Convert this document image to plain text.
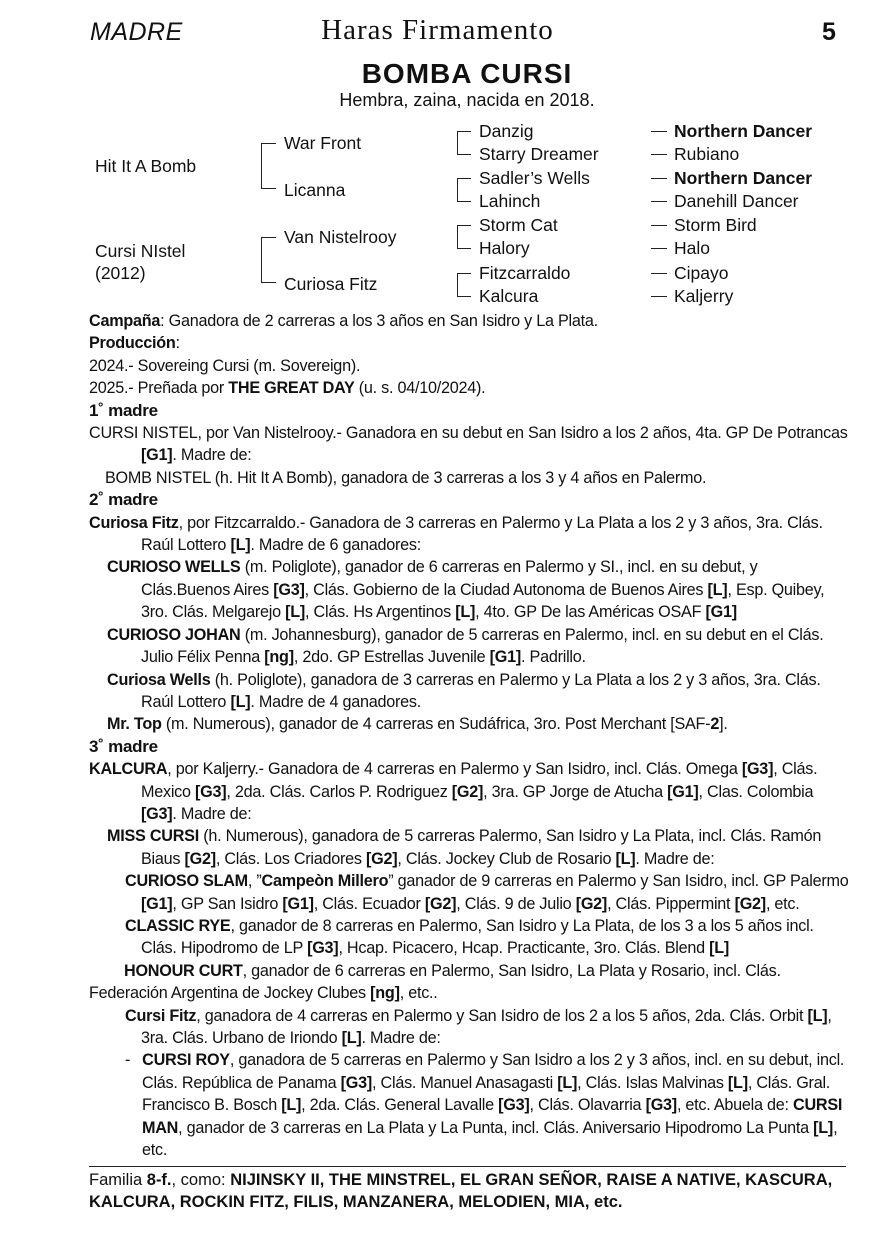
MADRE	Haras Firmamento	5
BOMBA CURSI
Hembra, zaina, nacida en 2018.
Hit It A Bomb
Cursi NIstel
(2012)
War Front
Licanna
Van Nistelrooy
Curiosa Fitz
Danzig
Starry Dreamer
Sadler’s Wells
Lahinch
Storm Cat
Halory
Fitzcarraldo
Kalcura
Northern Dancer
Rubiano
Northern Dancer
Danehill Dancer
Storm Bird
Halo
Cipayo
Kaljerry

Campaña: Ganadora de 2 carreras a los 3 años en San Isidro y La Plata.

Producción:

2024.- Sovereing Cursi (m. Sovereign).

2025.- Preñada por THE GREAT DAY (u. s. 04/10/2024).

1˚ madre

CURSI NISTEL, por Van Nistelrooy.- Ganadora en su debut en San Isidro a los 2 años, 4ta. GP De Potrancas [G1]. Madre de:

BOMB NISTEL (h. Hit It A Bomb), ganadora de 3 carreras a los 3 y 4 años en Palermo.

2˚ madre

Curiosa Fitz, por Fitzcarraldo.- Ganadora de 3 carreras en Palermo y La Plata a los 2 y 3 años, 3ra. Clás. Raúl Lottero [L]. Madre de 6 ganadores:

CURIOSO WELLS (m. Poliglote), ganador de 6 carreras en Palermo y SI., incl. en su debut, y Clás.Buenos Aires [G3], Clás. Gobierno de la Ciudad Autonoma de Buenos Aires [L], Esp. Quibey, 3ro. Clás. Melgarejo [L], Clás. Hs Argentinos [L], 4to. GP De las Américas OSAF [G1]

CURIOSO JOHAN (m. Johannesburg), ganador de 5 carreras en Palermo, incl. en su debut en el Clás. Julio Félix Penna [ng], 2do. GP Estrellas Juvenile [G1]. Padrillo.

Curiosa Wells (h. Poliglote), ganadora de 3 carreras en Palermo y La Plata a los 2 y 3 años, 3ra. Clás. Raúl Lottero [L]. Madre de 4 ganadores.

Mr. Top (m. Numerous), ganador de 4 carreras en Sudáfrica, 3ro. Post Merchant [SAF-2].

3˚ madre

KALCURA, por Kaljerry.- Ganadora de 4 carreras en Palermo y San Isidro, incl. Clás. Omega [G3], Clás. Mexico [G3], 2da. Clás. Carlos P. Rodriguez [G2], 3ra. GP Jorge de Atucha [G1], Clas. Colombia [G3]. Madre de:

MISS CURSI (h. Numerous), ganadora de 5 carreras Palermo, San Isidro y La Plata, incl. Clás. Ramón Biaus [G2], Clás. Los Criadores [G2], Clás. Jockey Club de Rosario [L]. Madre de:

CURIOSO SLAM, ”Campeòn Millero” ganador de 9 carreras en Palermo y San Isidro, incl. GP Palermo [G1], GP San Isidro [G1], Clás. Ecuador [G2], Clás. 9 de Julio [G2], Clás. Pippermint [G2], etc.

CLASSIC RYE, ganador de 8 carreras en Palermo, San Isidro y La Plata, de los 3 a los 5 años incl. Clás. Hipodromo de LP [G3], Hcap. Picacero, Hcap. Practicante, 3ro. Clás. Blend [L]

HONOUR CURT, ganador de 6 carreras en Palermo, San Isidro, La Plata y Rosario, incl. Clás. Federación Argentina de Jockey Clubes [ng], etc..

Cursi Fitz, ganadora de 4 carreras en Palermo y San Isidro de los 2 a los 5 años, 2da. Clás. Orbit [L], 3ra. Clás. Urbano de Iriondo [L]. Madre de:

- CURSI ROY, ganadora de 5 carreras en Palermo y San Isidro a los 2 y 3 años, incl. en su debut, incl. Clás. República de Panama [G3], Clás. Manuel Anasagasti [L], Clás. Islas Malvinas [L], Clás. Gral. Francisco B. Bosch [L], 2da. Clás. General Lavalle [G3], Clás. Olavarria [G3], etc. Abuela de: CURSI MAN, ganador de 3 carreras en La Plata y La Punta, incl. Clás. Aniversario Hipodromo La Punta [L], etc.

Familia 8-f., como: NIJINSKY II, THE MINSTREL, EL GRAN SEÑOR, RAISE A NATIVE, KASCURA, KALCURA, ROCKIN FITZ, FILIS, MANZANERA, MELODIEN, MIA, etc.
